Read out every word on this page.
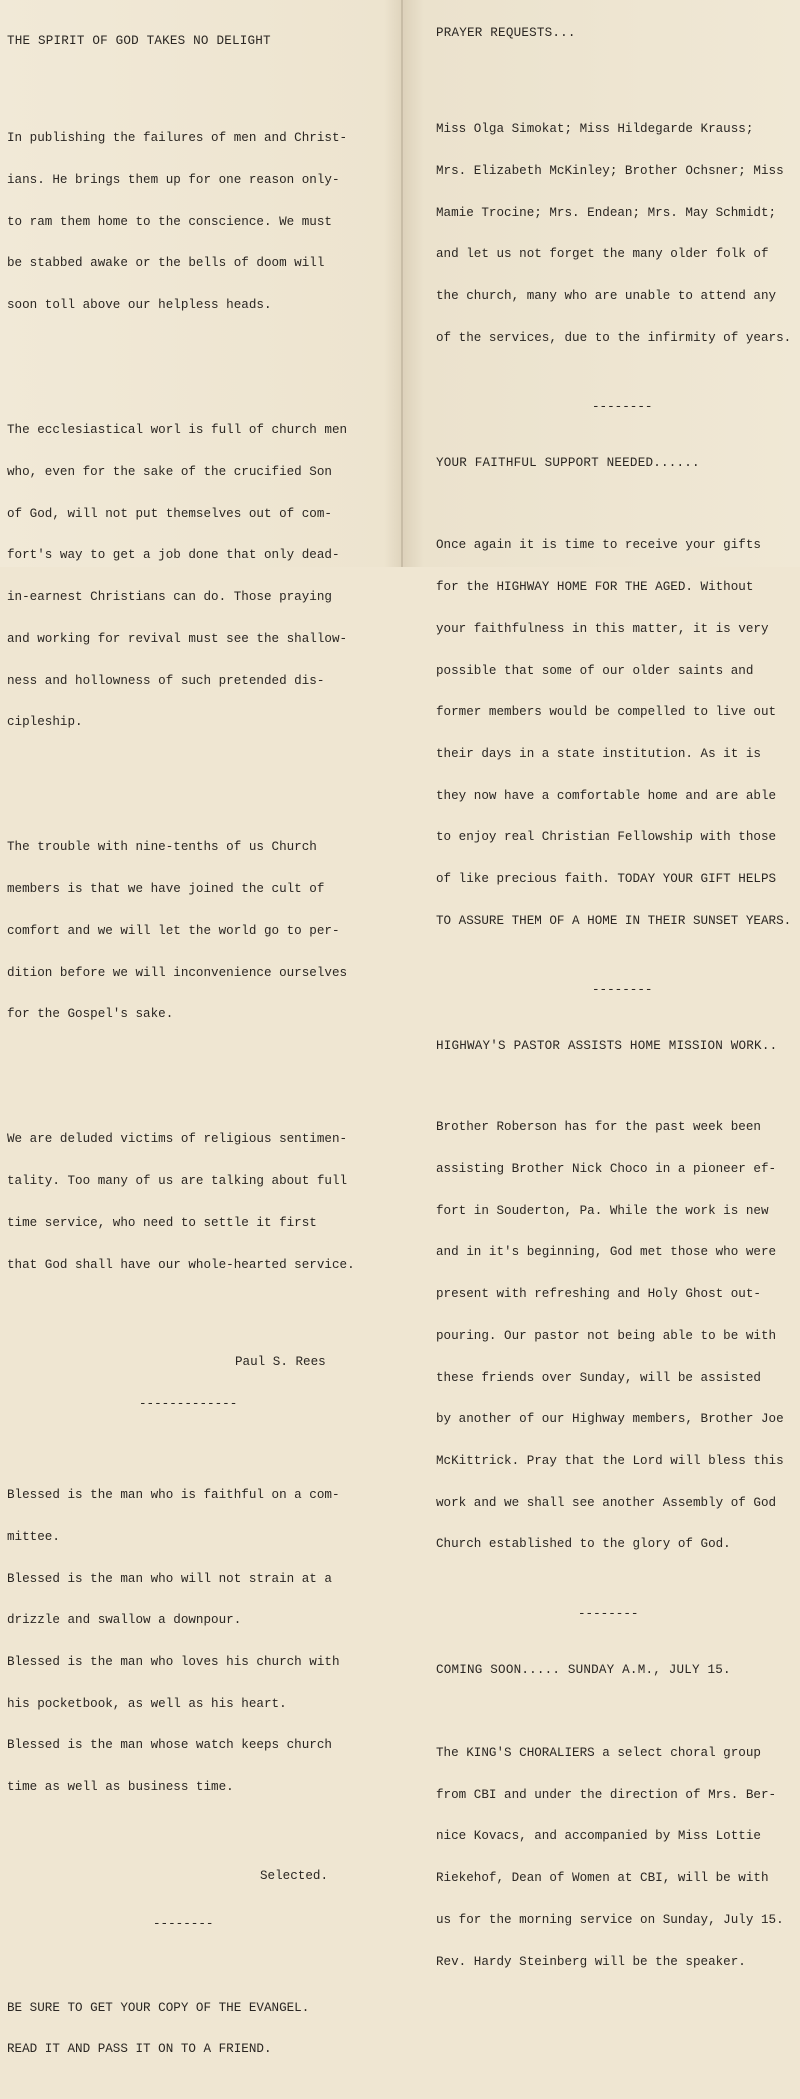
THE SPIRIT OF GOD TAKES NO DELIGHT

In publishing the failures of men and Christ-

ians. He brings them up for one reason only-

to ram them home to the conscience. We must

be stabbed awake or the bells of doom will

soon toll above our helpless heads.

The ecclesiastical worl is full of church men

who, even for the sake of the crucified Son

of God, will not put themselves out of com-

fort's way to get a job done that only dead-

in-earnest Christians can do. Those praying

and working for revival must see the shallow-

ness and hollowness of such pretended dis-

cipleship.

The trouble with nine-tenths of us Church

members is that we have joined the cult of

comfort and we will let the world go to per-

dition before we will inconvenience ourselves

for the Gospel's sake.

We are deluded victims of religious sentimen-

tality. Too many of us are talking about full

time service, who need to settle it first

that God shall have our whole-hearted service.

Paul S. Rees

-------------

Blessed is the man who is faithful on a com-

mittee.

Blessed is the man who will not strain at a

drizzle and swallow a downpour.

Blessed is the man who loves his church with

his pocketbook, as well as his heart.

Blessed is the man whose watch keeps church

time as well as business time.

Selected.

--------

BE SURE TO GET YOUR COPY OF THE EVANGEL.

READ IT AND PASS IT ON TO A FRIEND.

PRAYER REQUESTS...

Miss Olga Simokat; Miss Hildegarde Krauss;

Mrs. Elizabeth McKinley; Brother Ochsner; Miss

Mamie Trocine; Mrs. Endean; Mrs. May Schmidt;

and let us not forget the many older folk of

the church, many who are unable to attend any

of the services, due to the infirmity of years.

--------

YOUR FAITHFUL SUPPORT NEEDED......

Once again it is time to receive your gifts

for the HIGHWAY HOME FOR THE AGED. Without

your faithfulness in this matter, it is very

possible that some of our older saints and

former members would be compelled to live out

their days in a state institution. As it is

they now have a comfortable home and are able

to enjoy real Christian Fellowship with those

of like precious faith. TODAY YOUR GIFT HELPS

TO ASSURE THEM OF A HOME IN THEIR SUNSET YEARS.

--------

HIGHWAY'S PASTOR ASSISTS HOME MISSION WORK..

Brother Roberson has for the past week been

assisting Brother Nick Choco in a pioneer ef-

fort in Souderton, Pa. While the work is new

and in it's beginning, God met those who were

present with refreshing and Holy Ghost out-

pouring. Our pastor not being able to be with

these friends over Sunday, will be assisted

by another of our Highway members, Brother Joe

McKittrick. Pray that the Lord will bless this

work and we shall see another Assembly of God

Church established to the glory of God.

--------

COMING SOON..... SUNDAY A.M., JULY 15.

The KING'S CHORALIERS a select choral group

from CBI and under the direction of Mrs. Ber-

nice Kovacs, and accompanied by Miss Lottie

Riekehof, Dean of Women at CBI, will be with

us for the morning service on Sunday, July 15.

Rev. Hardy Steinberg will be the speaker.
